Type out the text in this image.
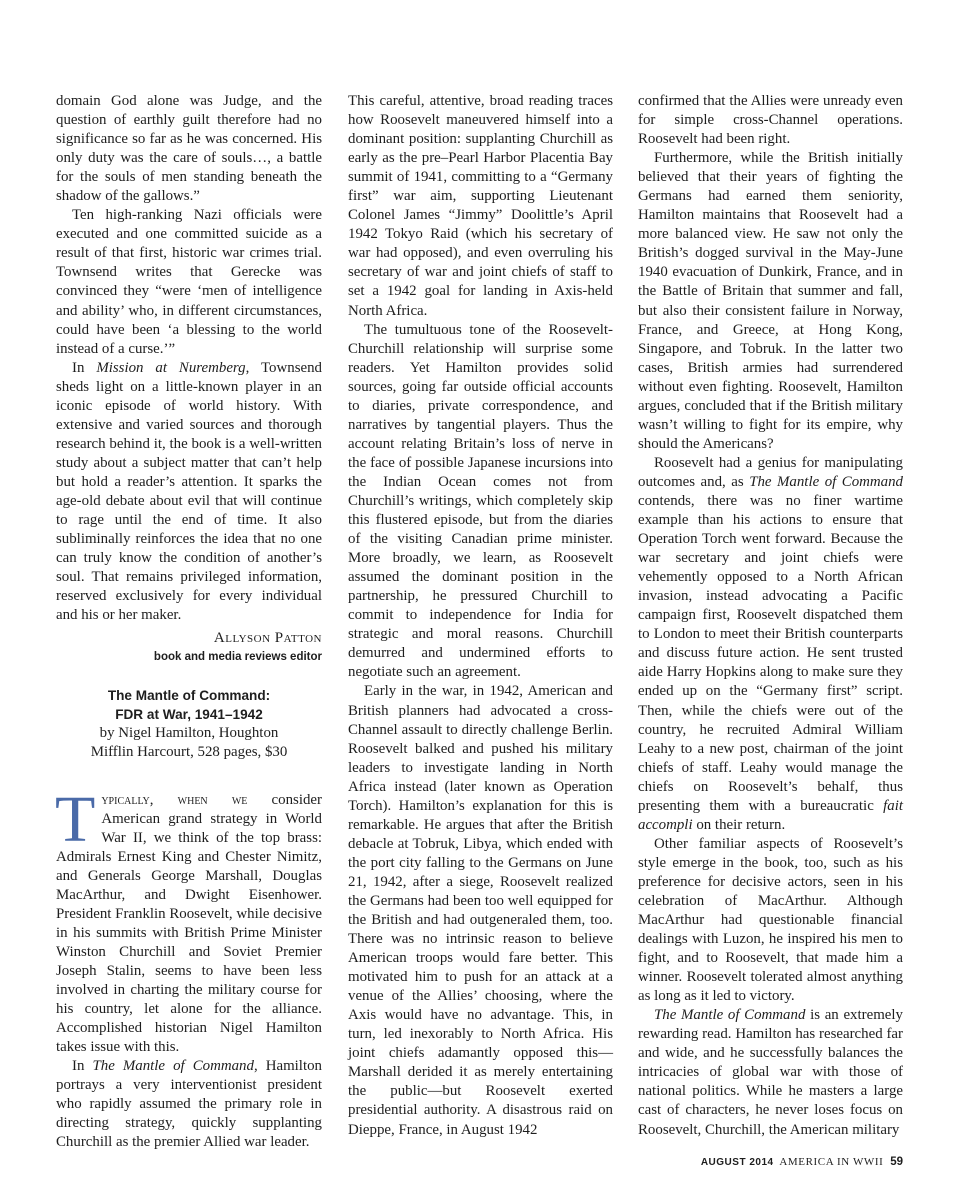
domain God alone was Judge, and the question of earthly guilt therefore had no significance so far as he was concerned. His only duty was the care of souls…, a battle for the souls of men standing beneath the shadow of the gallows.”

Ten high-ranking Nazi officials were executed and one committed suicide as a result of that first, historic war crimes trial. Townsend writes that Gerecke was convinced they “were ‘men of intelligence and ability’ who, in different circumstances, could have been ‘a blessing to the world instead of a curse.’”

In Mission at Nuremberg, Townsend sheds light on a little-known player in an iconic episode of world history. With extensive and varied sources and thorough research behind it, the book is a well-written study about a subject matter that can’t help but hold a reader’s attention. It sparks the age-old debate about evil that will continue to rage until the end of time. It also subliminally reinforces the idea that no one can truly know the condition of another’s soul. That remains privileged information, reserved exclusively for every individual and his or her maker.

Allyson Patton
book and media reviews editor
The Mantle of Command:
FDR at War, 1941–1942
by Nigel Hamilton, Houghton
Mifflin Harcourt, 528 pages, $30

Typically, when we consider American grand strategy in World War II, we think of the top brass: Admirals Ernest King and Chester Nimitz, and Generals George Marshall, Douglas MacArthur, and Dwight Eisenhower. President Franklin Roosevelt, while decisive in his summits with British Prime Minister Winston Churchill and Soviet Premier Joseph Stalin, seems to have been less involved in charting the military course for his country, let alone for the alliance. Accomplished historian Nigel Hamilton takes issue with this.

In The Mantle of Command, Hamilton portrays a very interventionist president who rapidly assumed the primary role in directing strategy, quickly supplanting Churchill as the premier Allied war leader.

This careful, attentive, broad reading traces how Roosevelt maneuvered himself into a dominant position: supplanting Churchill as early as the pre–Pearl Harbor Placentia Bay summit of 1941, committing to a “Germany first” war aim, supporting Lieutenant Colonel James “Jimmy” Doolittle’s April 1942 Tokyo Raid (which his secretary of war had opposed), and even overruling his secretary of war and joint chiefs of staff to set a 1942 goal for landing in Axis-held North Africa.

The tumultuous tone of the Roosevelt-Churchill relationship will surprise some readers. Yet Hamilton provides solid sources, going far outside official accounts to diaries, private correspondence, and narratives by tangential players. Thus the account relating Britain’s loss of nerve in the face of possible Japanese incursions into the Indian Ocean comes not from Churchill’s writings, which completely skip this flustered episode, but from the diaries of the visiting Canadian prime minister. More broadly, we learn, as Roosevelt assumed the dominant position in the partnership, he pressured Churchill to commit to independence for India for strategic and moral reasons. Churchill demurred and undermined efforts to negotiate such an agreement.

Early in the war, in 1942, American and British planners had advocated a cross-Channel assault to directly challenge Berlin. Roosevelt balked and pushed his military leaders to investigate landing in North Africa instead (later known as Operation Torch). Hamilton’s explanation for this is remarkable. He argues that after the British debacle at Tobruk, Libya, which ended with the port city falling to the Germans on June 21, 1942, after a siege, Roosevelt realized the Germans had been too well equipped for the British and had outgeneraled them, too. There was no intrinsic reason to believe American troops would fare better. This motivated him to push for an attack at a venue of the Allies’ choosing, where the Axis would have no advantage. This, in turn, led inexorably to North Africa. His joint chiefs adamantly opposed this—Marshall derided it as merely entertaining the public—but Roosevelt exerted presidential authority. A disastrous raid on Dieppe, France, in August 1942

confirmed that the Allies were unready even for simple cross-Channel operations. Roosevelt had been right.

Furthermore, while the British initially believed that their years of fighting the Germans had earned them seniority, Hamilton maintains that Roosevelt had a more balanced view. He saw not only the British’s dogged survival in the May-June 1940 evacuation of Dunkirk, France, and in the Battle of Britain that summer and fall, but also their consistent failure in Norway, France, and Greece, at Hong Kong, Singapore, and Tobruk. In the latter two cases, British armies had surrendered without even fighting. Roosevelt, Hamilton argues, concluded that if the British military wasn’t willing to fight for its empire, why should the Americans?

Roosevelt had a genius for manipulating outcomes and, as The Mantle of Command contends, there was no finer wartime example than his actions to ensure that Operation Torch went forward. Because the war secretary and joint chiefs were vehemently opposed to a North African invasion, instead advocating a Pacific campaign first, Roosevelt dispatched them to London to meet their British counterparts and discuss future action. He sent trusted aide Harry Hopkins along to make sure they ended up on the “Germany first” script. Then, while the chiefs were out of the country, he recruited Admiral William Leahy to a new post, chairman of the joint chiefs of staff. Leahy would manage the chiefs on Roosevelt’s behalf, thus presenting them with a bureaucratic fait accompli on their return.

Other familiar aspects of Roosevelt’s style emerge in the book, too, such as his preference for decisive actors, seen in his celebration of MacArthur. Although MacArthur had questionable financial dealings with Luzon, he inspired his men to fight, and to Roosevelt, that made him a winner. Roosevelt tolerated almost anything as long as it led to victory.

The Mantle of Command is an extremely rewarding read. Hamilton has researched far and wide, and he successfully balances the intricacies of global war with those of national politics. While he masters a large cast of characters, he never loses focus on Roosevelt, Churchill, the American military

AUGUST 2014 AMERICA IN WWII 59
